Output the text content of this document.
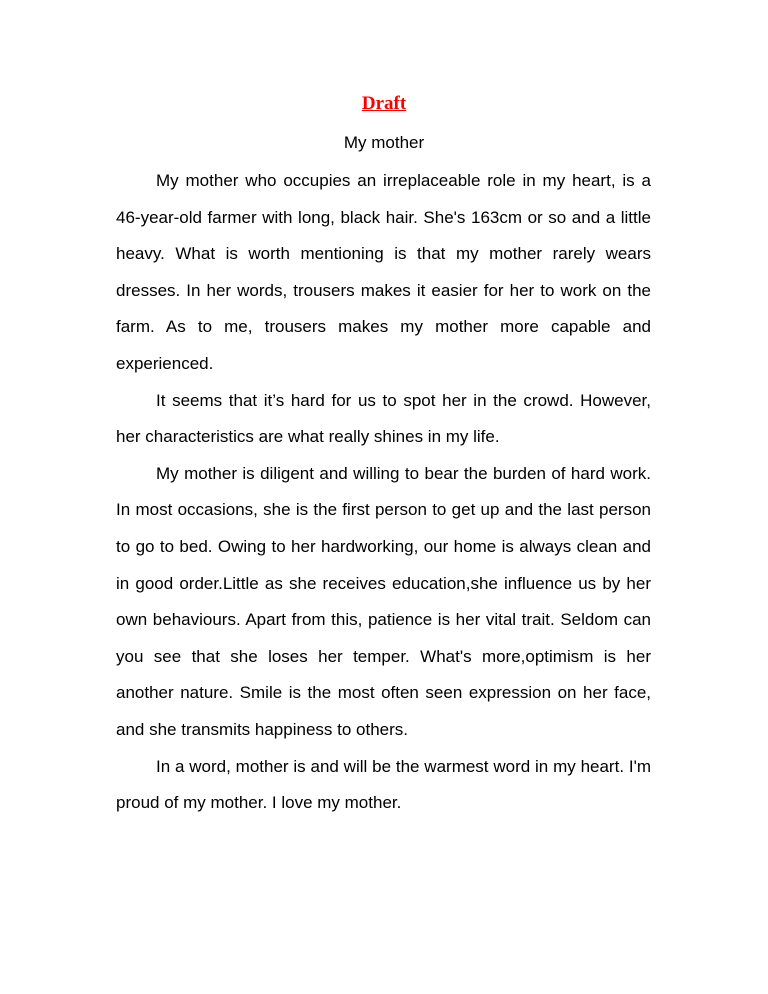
Draft
My mother

My mother who occupies an irreplaceable role in my heart, is a 46-year-old farmer with long, black hair. She's 163cm or so and a little heavy. What is worth mentioning is that my mother rarely wears dresses. In her words, trousers makes it easier for her to work on the farm. As to me, trousers makes my mother more capable and experienced.

It seems that it’s hard for us to spot her in the crowd. However, her characteristics are what really shines in my life.

My mother is diligent and willing to bear the burden of hard work. In most occasions, she is the first person to get up and the last person to go to bed. Owing to her hardworking, our home is always clean and in good order.Little as she receives education,she influence us by her own behaviours. Apart from this, patience is her vital trait. Seldom can you see that she loses her temper. What's more,optimism is her another nature. Smile is the most often seen expression on her face, and she transmits happiness to others.

In a word, mother is and will be the warmest word in my heart. I'm proud of my mother. I love my mother.
